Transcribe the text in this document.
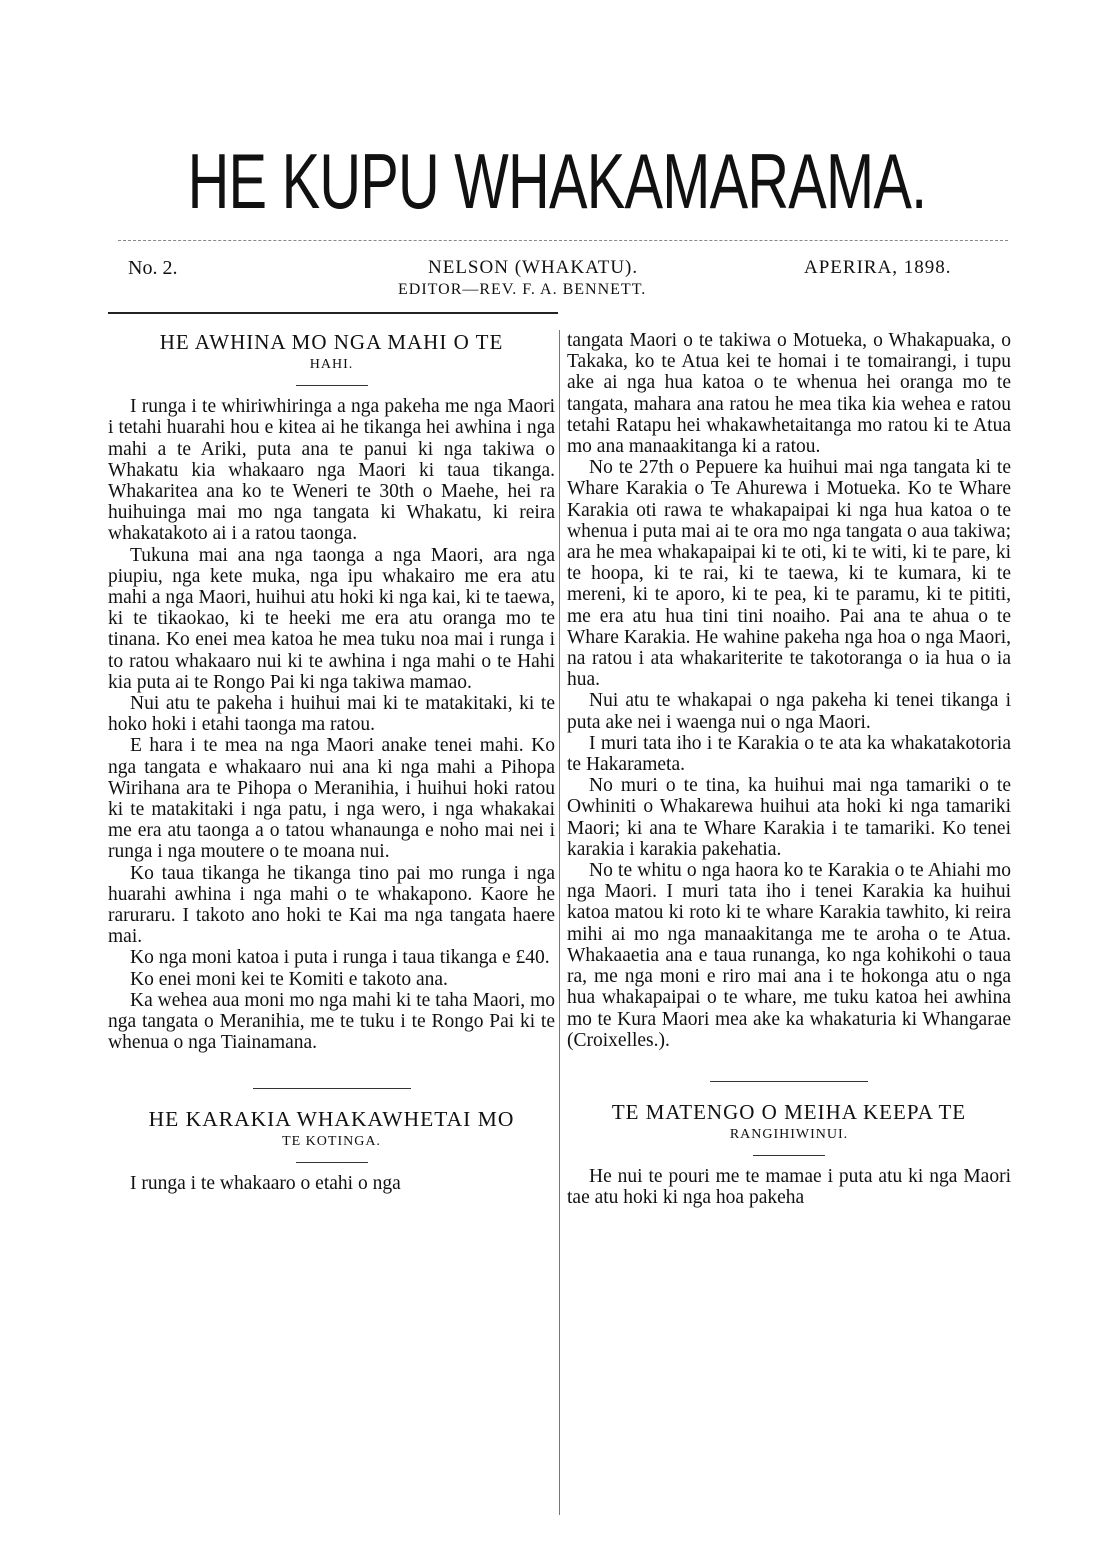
HE KUPU WHAKAMARAMA.
No. 2.	NELSON (WHAKATU).	APERIRA, 1898.
EDITOR—REV. F. A. BENNETT.
HE AWHINA MO NGA MAHI O TE
HAHI.

I runga i te whiriwhiringa a nga pakeha me nga Maori i tetahi huarahi hou e kitea ai he tikanga hei awhina i nga mahi a te Ariki, puta ana te panui ki nga takiwa o Whakatu kia whakaaro nga Maori ki taua tikanga. Whakaritea ana ko te Weneri te 30th o Maehe, hei ra huihuinga mai mo nga tangata ki Whakatu, ki reira whakatakoto ai i a ratou taonga.

Tukuna mai ana nga taonga a nga Maori, ara nga piupiu, nga kete muka, nga ipu whakairo me era atu mahi a nga Maori, huihui atu hoki ki nga kai, ki te taewa, ki te tikaokao, ki te heeki me era atu oranga mo te tinana. Ko enei mea katoa he mea tuku noa mai i runga i to ratou whakaaro nui ki te awhina i nga mahi o te Hahi kia puta ai te Rongo Pai ki nga takiwa mamao.

Nui atu te pakeha i huihui mai ki te matakitaki, ki te hoko hoki i etahi taonga ma ratou.

E hara i te mea na nga Maori anake tenei mahi. Ko nga tangata e whakaaro nui ana ki nga mahi a Pihopa Wirihana ara te Pihopa o Meranihia, i huihui hoki ratou ki te matakitaki i nga patu, i nga wero, i nga whakakai me era atu taonga a o tatou whanaunga e noho mai nei i runga i nga moutere o te moana nui.

Ko taua tikanga he tikanga tino pai mo runga i nga huarahi awhina i nga mahi o te whakapono. Kaore he raruraru. I takoto ano hoki te Kai ma nga tangata haere mai.

Ko nga moni katoa i puta i runga i taua tikanga e £40.

Ko enei moni kei te Komiti e takoto ana.

Ka wehea aua moni mo nga mahi ki te taha Maori, mo nga tangata o Meranihia, me te tuku i te Rongo Pai ki te whenua o nga Tiainamana.

HE KARAKIA WHAKAWHETAI MO
TE KOTINGA.

I runga i te whakaaro o etahi o nga

tangata Maori o te takiwa o Motueka, o Whakapuaka, o Takaka, ko te Atua kei te homai i te tomairangi, i tupu ake ai nga hua katoa o te whenua hei oranga mo te tangata, mahara ana ratou he mea tika kia wehea e ratou tetahi Ratapu hei whakawhetaitanga mo ratou ki te Atua mo ana manaakitanga ki a ratou.

No te 27th o Pepuere ka huihui mai nga tangata ki te Whare Karakia o Te Ahurewa i Motueka. Ko te Whare Karakia oti rawa te whakapaipai ki nga hua katoa o te whenua i puta mai ai te ora mo nga tangata o aua takiwa; ara he mea whakapaipai ki te oti, ki te witi, ki te pare, ki te hoopa, ki te rai, ki te taewa, ki te kumara, ki te mereni, ki te aporo, ki te pea, ki te paramu, ki te pititi, me era atu hua tini tini noaiho. Pai ana te ahua o te Whare Karakia. He wahine pakeha nga hoa o nga Maori, na ratou i ata whakariterite te takotoranga o ia hua o ia hua.

Nui atu te whakapai o nga pakeha ki tenei tikanga i puta ake nei i waenga nui o nga Maori.

I muri tata iho i te Karakia o te ata ka whakatakotoria te Hakarameta.

No muri o te tina, ka huihui mai nga tamariki o te Owhiniti o Whakarewa huihui ata hoki ki nga tamariki Maori; ki ana te Whare Karakia i te tamariki. Ko tenei karakia i karakia pakehatia.

No te whitu o nga haora ko te Karakia o te Ahiahi mo nga Maori. I muri tata iho i tenei Karakia ka huihui katoa matou ki roto ki te whare Karakia tawhito, ki reira mihi ai mo nga manaakitanga me te aroha o te Atua. Whakaaetia ana e taua runanga, ko nga kohikohi o taua ra, me nga moni e riro mai ana i te hokonga atu o nga hua whakapaipai o te whare, me tuku katoa hei awhina mo te Kura Maori mea ake ka whakaturia ki Whangarae (Croixelles.).

TE MATENGO O MEIHA KEEPA TE
RANGIHIWINUI.

He nui te pouri me te mamae i puta atu ki nga Maori tae atu hoki ki nga hoa pakeha
